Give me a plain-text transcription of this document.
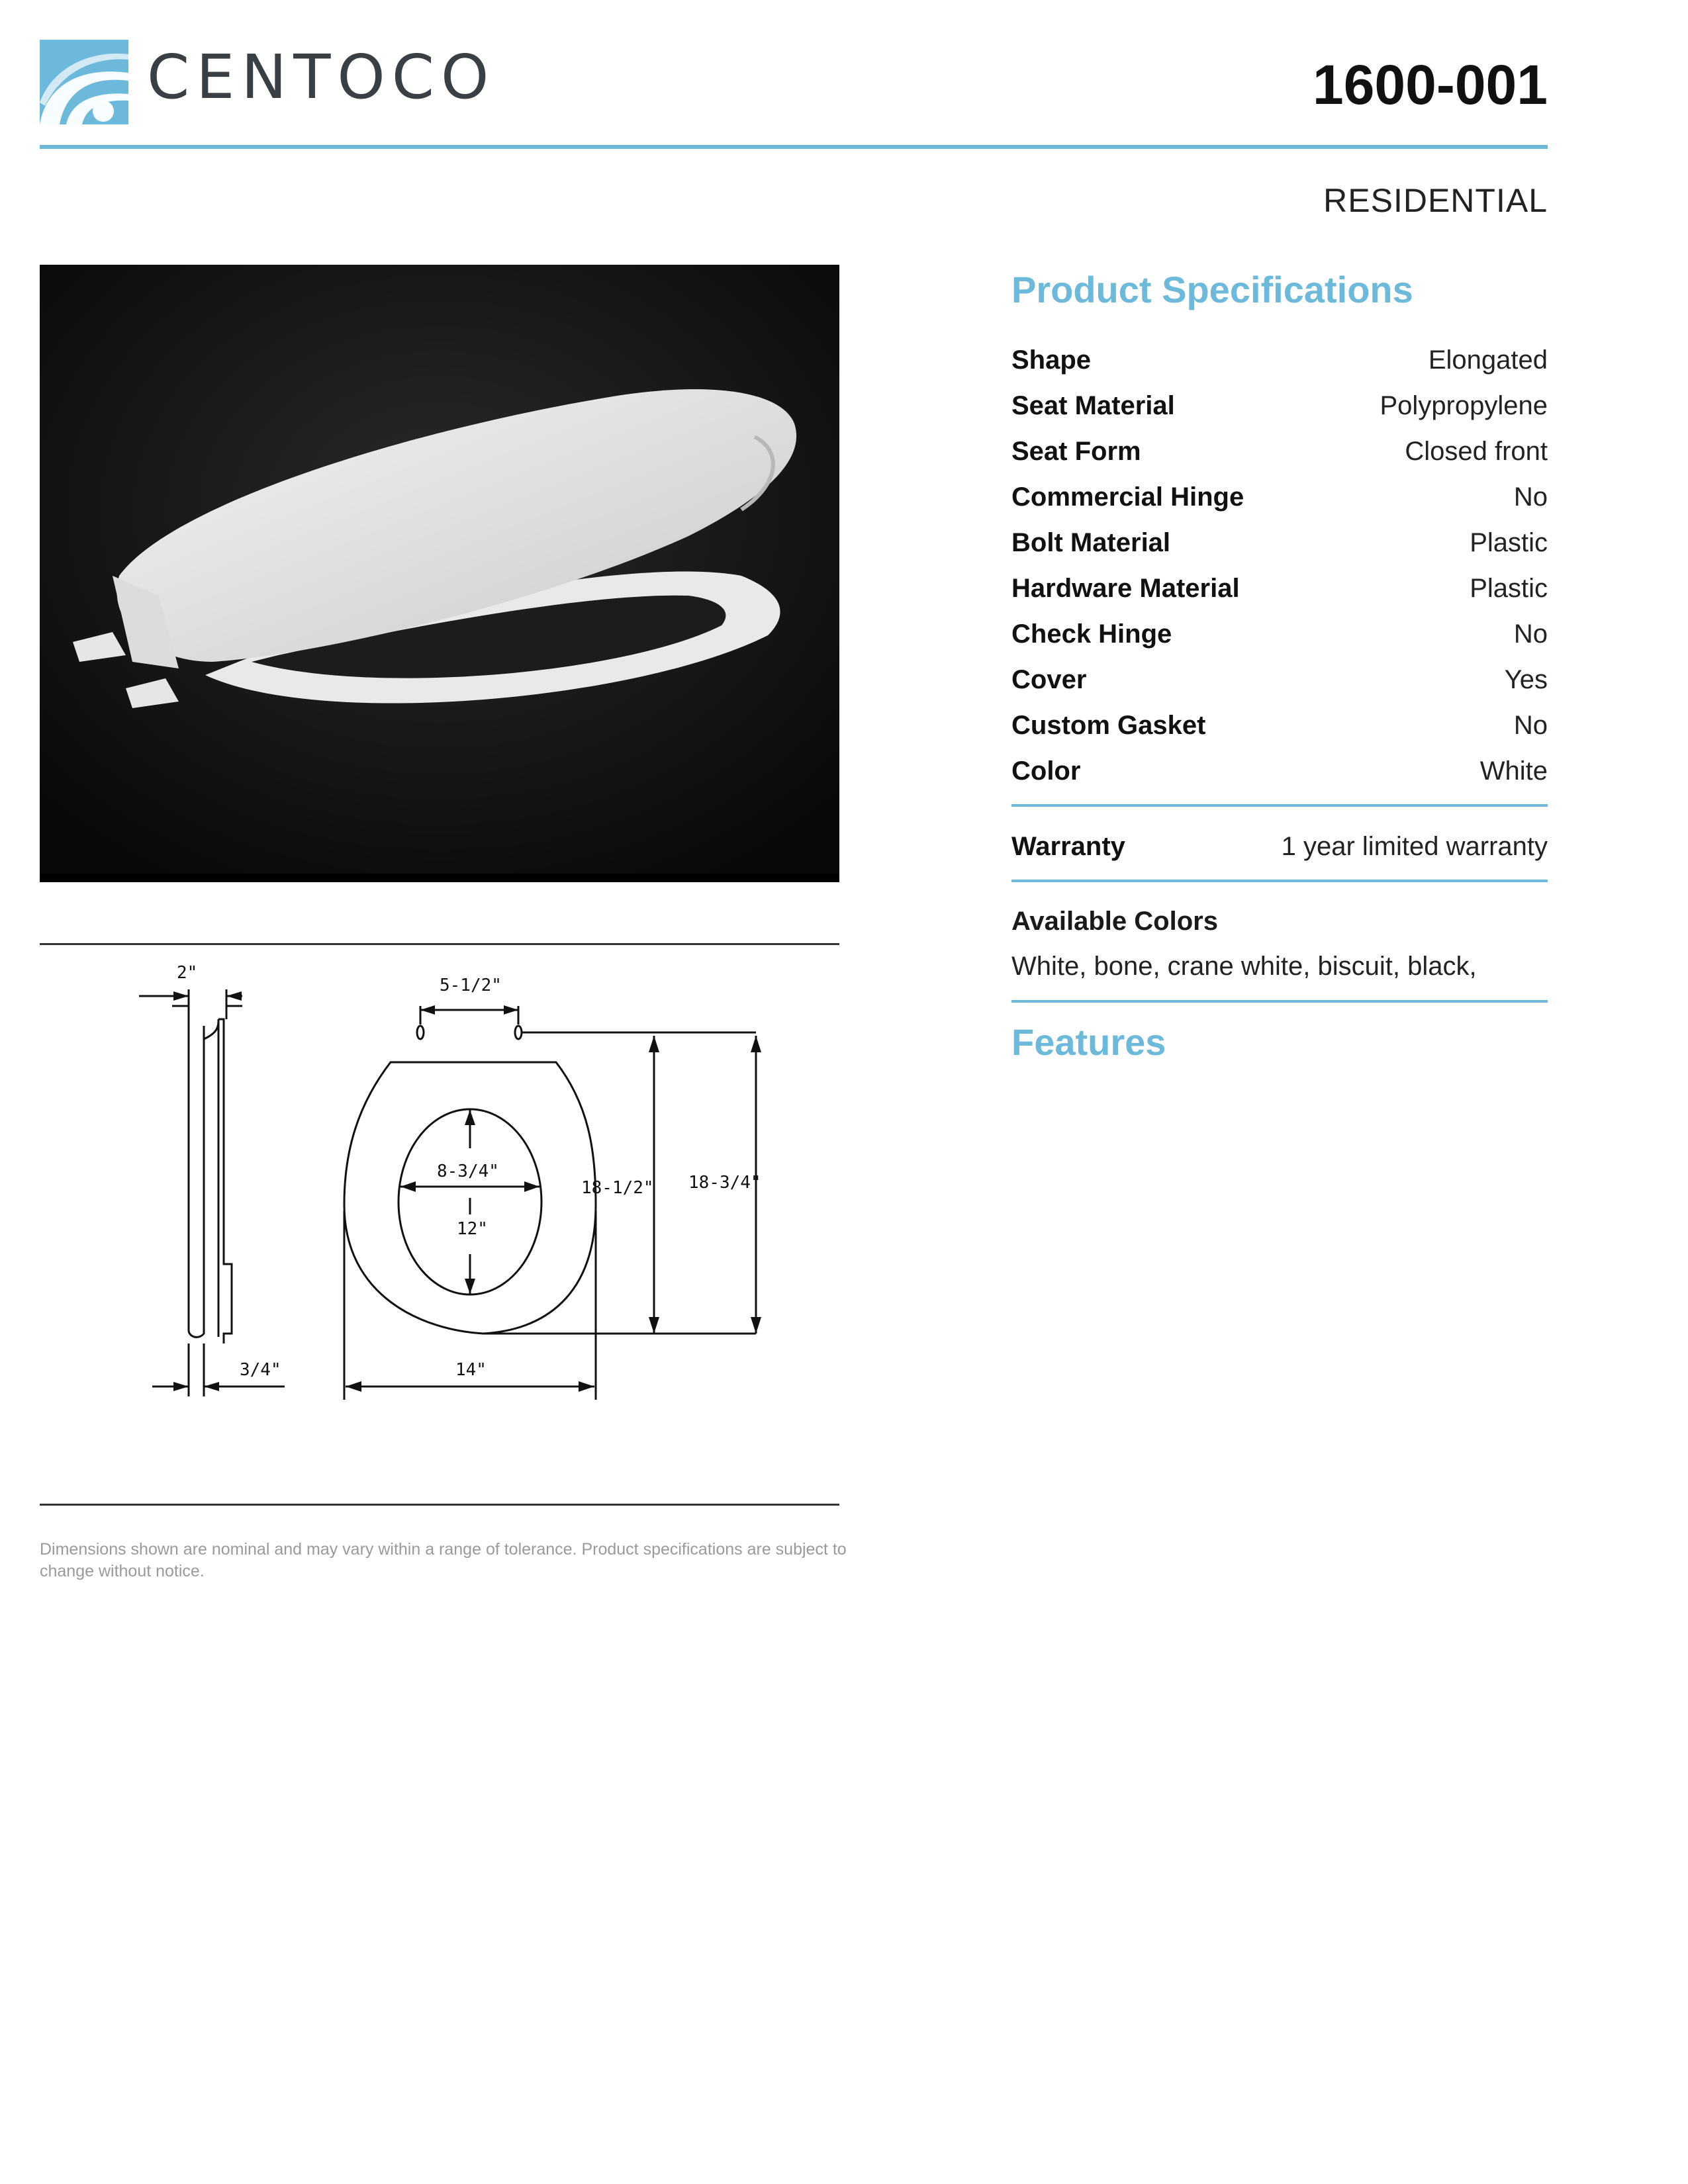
CENTOCO	1600-001
RESIDENTIAL
2"
5-1/2"
8-3/4"
12"
18-1/2" 18-3/4"
3/4"	14"
Dimensions shown are nominal and may vary within a range of tolerance. Product specifications are subject to change without notice.
Product Specifications
Shape	Elongated
Seat Material	Polypropylene
Seat Form	Closed front
Commercial Hinge	No
Bolt Material	Plastic
Hardware Material	Plastic
Check Hinge	No
Cover	Yes
Custom Gasket	No
Color	White
Warranty	1 year limited warranty
Available Colors
White, bone, crane white, biscuit, black,
Features
